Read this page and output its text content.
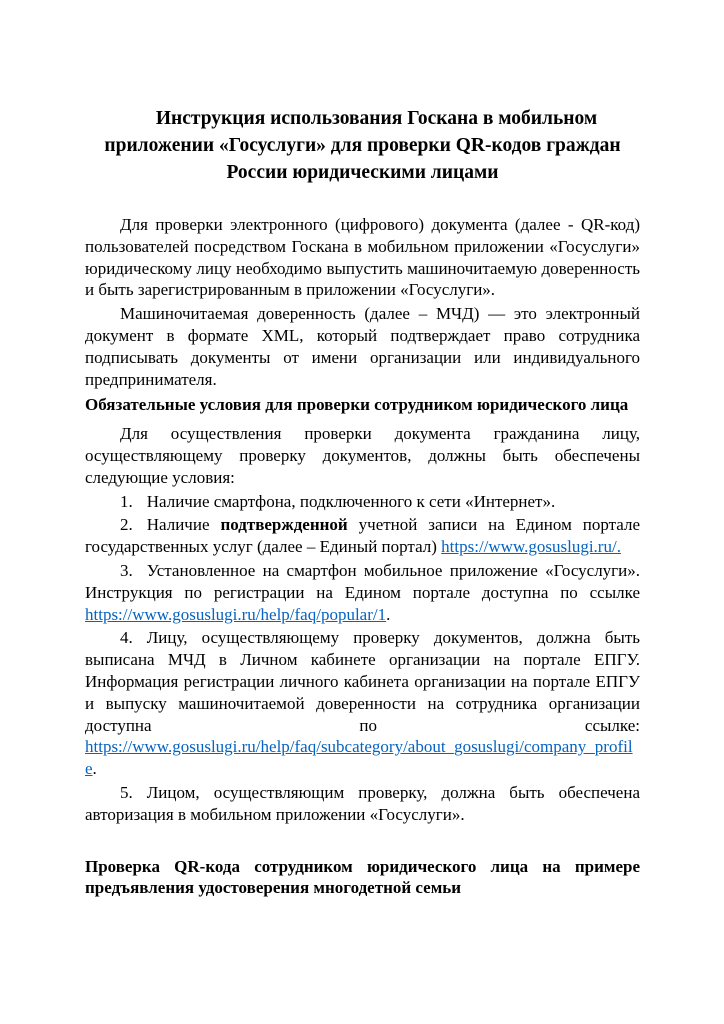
Инструкция использования Госкана в мобильном приложении «Госуслуги» для проверки QR-кодов граждан России юридическими лицами

Для проверки электронного (цифрового) документа (далее - QR-код) пользователей посредством Госкана в мобильном приложении «Госуслуги» юридическому лицу необходимо выпустить машиночитаемую доверенность и быть зарегистрированным в приложении «Госуслуги».

Машиночитаемая доверенность (далее – МЧД) — это электронный документ в формате XML, который подтверждает право сотрудника подписывать документы от имени организации или индивидуального предпринимателя.

Обязательные условия для проверки сотрудником юридического лица

Для осуществления проверки документа гражданина лицу, осуществляющему проверку документов, должны быть обеспечены следующие условия:

1. Наличие смартфона, подключенного к сети «Интернет».

2. Наличие подтвержденной учетной записи на Едином портале государственных услуг (далее – Единый портал) https://www.gosuslugi.ru/.

3. Установленное на смартфон мобильное приложение «Госуслуги». Инструкция по регистрации на Едином портале доступна по ссылке https://www.gosuslugi.ru/help/faq/popular/1.

4. Лицу, осуществляющему проверку документов, должна быть выписана МЧД в Личном кабинете организации на портале ЕПГУ. Информация регистрации личного кабинета организации на портале ЕПГУ и выпуску машиночитаемой доверенности на сотрудника организации доступна по ссылке: https://www.gosuslugi.ru/help/faq/subcategory/about_gosuslugi/company_profile.

5. Лицом, осуществляющим проверку, должна быть обеспечена авторизация в мобильном приложении «Госуслуги».

Проверка QR-кода сотрудником юридического лица на примере предъявления удостоверения многодетной семьи
